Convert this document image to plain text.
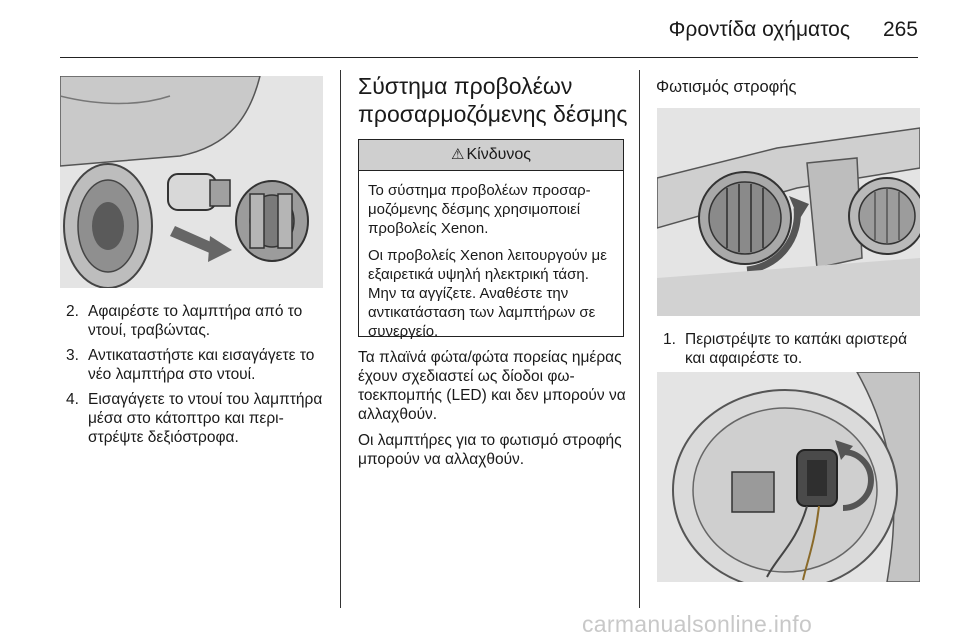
Φροντίδα οχήματος 265
2. Αφαιρέστε το λαμπτήρα από το ντουί, τραβώντας.
3. Αντικαταστήστε και εισαγάγετε το νέο λαμπτήρα στο ντουί.
4. Εισαγάγετε το ντουί του λαμπτήρα μέσα στο κάτοπτρο και περιστρέψτε δεξιόστροφα.
Σύστημα προβολέων προσαρμοζόμενης δέσμης
⚠ Κίνδυνος

Το σύστημα προβολέων προσαρμοζόμενης δέσμης χρησιμοποιεί προβολείς Xenon.

Οι προβολείς Xenon λειτουργούν με εξαιρετικά υψηλή ηλεκτρική τάση. Μην τα αγγίζετε. Αναθέστε την αντικατάσταση των λαμπτήρων σε συνεργείο.

Τα πλαϊνά φώτα/φώτα πορείας ημέρας έχουν σχεδιαστεί ως δίοδοι φωτοεκπομπής (LED) και δεν μπορούν να αλλαχθούν.

Οι λαμπτήρες για το φωτισμό στροφής μπορούν να αλλαχθούν.

Φωτισμός στροφής
1. Περιστρέψτε το καπάκι αριστερά και αφαιρέστε το.
carmanualsonline.info
